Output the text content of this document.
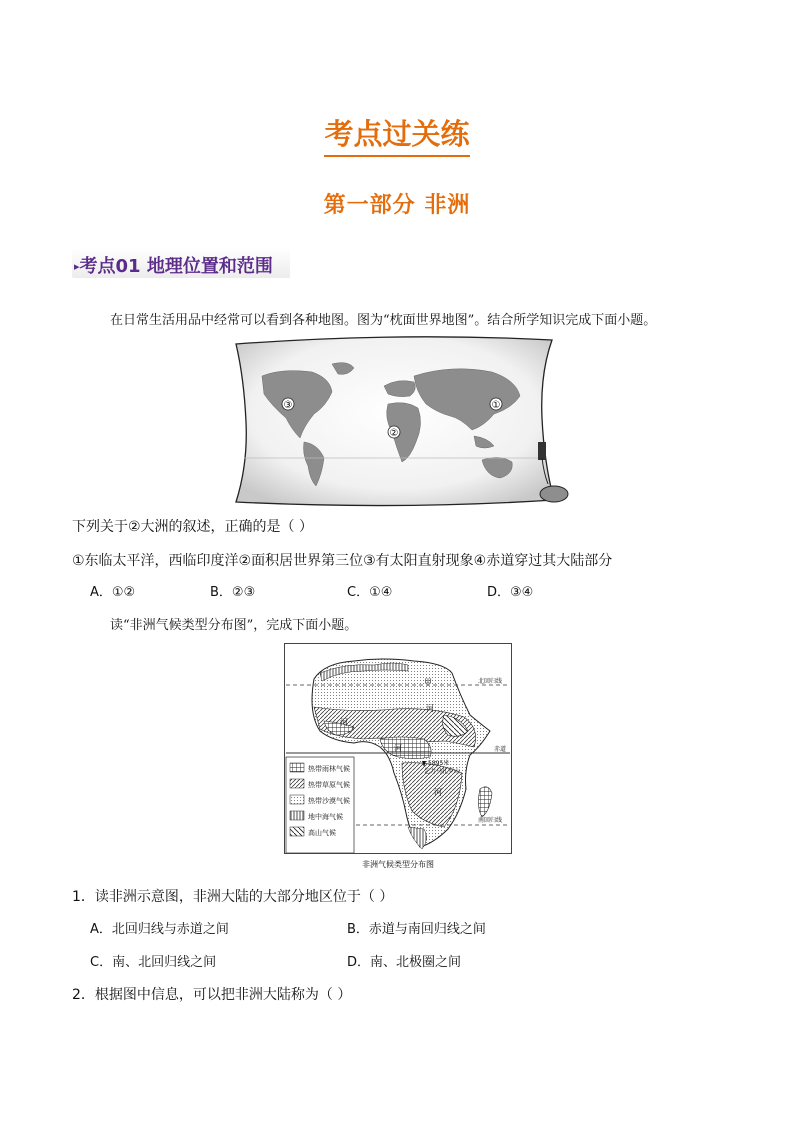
考点过关练
第一部分 非洲
▸考点01 地理位置和范围
在日常生活用品中经常可以看到各种地图。图为“枕面世界地图”。结合所学知识完成下面小题。
③
②
①
下列关于②大洲的叙述，正确的是（ ）
①东临太平洋，西临印度洋②面积居世界第三位③有太阳直射现象④赤道穿过其大陆部分
A．①②	B．②③	C．①④	D．③④
读“非洲气候类型分布图”，完成下面小题。
北回归线
赤道
南回归线
甲
河
河
河
河
5895米
乞力马扎罗山
热带雨林气候
热带草原气候
热带沙漠气候
地中海气候
高山气候
非洲气候类型分布图
1．读非洲示意图，非洲大陆的大部分地区位于（ ）
A．北回归线与赤道之间	B．赤道与南回归线之间
C．南、北回归线之间	D．南、北极圈之间
2．根据图中信息，可以把非洲大陆称为（ ）
